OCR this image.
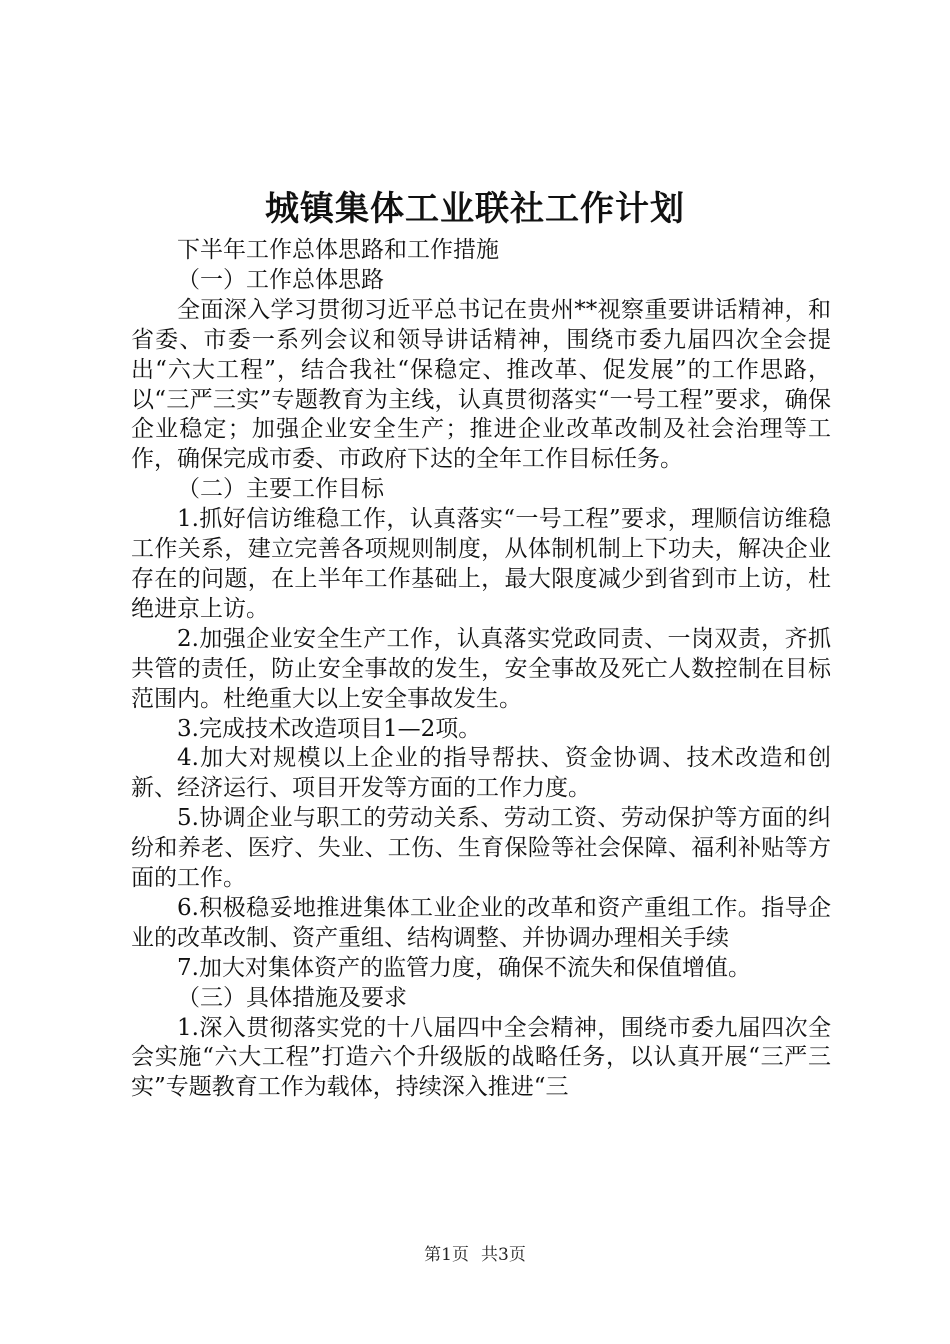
城镇集体工业联社工作计划

下半年工作总体思路和工作措施

（一）工作总体思路

全面深入学习贯彻习近平总书记在贵州**视察重要讲话精神，和省委、市委一系列会议和领导讲话精神，围绕市委九届四次全会提出“六大工程”，结合我社“保稳定、推改革、促发展”的工作思路，以“三严三实”专题教育为主线，认真贯彻落实“一号工程”要求，确保企业稳定；加强企业安全生产；推进企业改革改制及社会治理等工作，确保完成市委、市政府下达的全年工作目标任务。

（二）主要工作目标

1.抓好信访维稳工作，认真落实“一号工程”要求，理顺信访维稳工作关系，建立完善各项规则制度，从体制机制上下功夫，解决企业存在的问题，在上半年工作基础上，最大限度减少到省到市上访，杜绝进京上访。

2.加强企业安全生产工作，认真落实党政同责、一岗双责，齐抓共管的责任，防止安全事故的发生，安全事故及死亡人数控制在目标范围内。杜绝重大以上安全事故发生。

3.完成技术改造项目1—2项。

4.加大对规模以上企业的指导帮扶、资金协调、技术改造和创新、经济运行、项目开发等方面的工作力度。

5.协调企业与职工的劳动关系、劳动工资、劳动保护等方面的纠纷和养老、医疗、失业、工伤、生育保险等社会保障、福利补贴等方面的工作。

6.积极稳妥地推进集体工业企业的改革和资产重组工作。指导企业的改革改制、资产重组、结构调整、并协调办理相关手续

7.加大对集体资产的监管力度，确保不流失和保值增值。

（三）具体措施及要求

1.深入贯彻落实党的十八届四中全会精神，围绕市委九届四次全会实施“六大工程”打造六个升级版的战略任务，以认真开展“三严三实”专题教育工作为载体，持续深入推进“三

第1页 共3页
